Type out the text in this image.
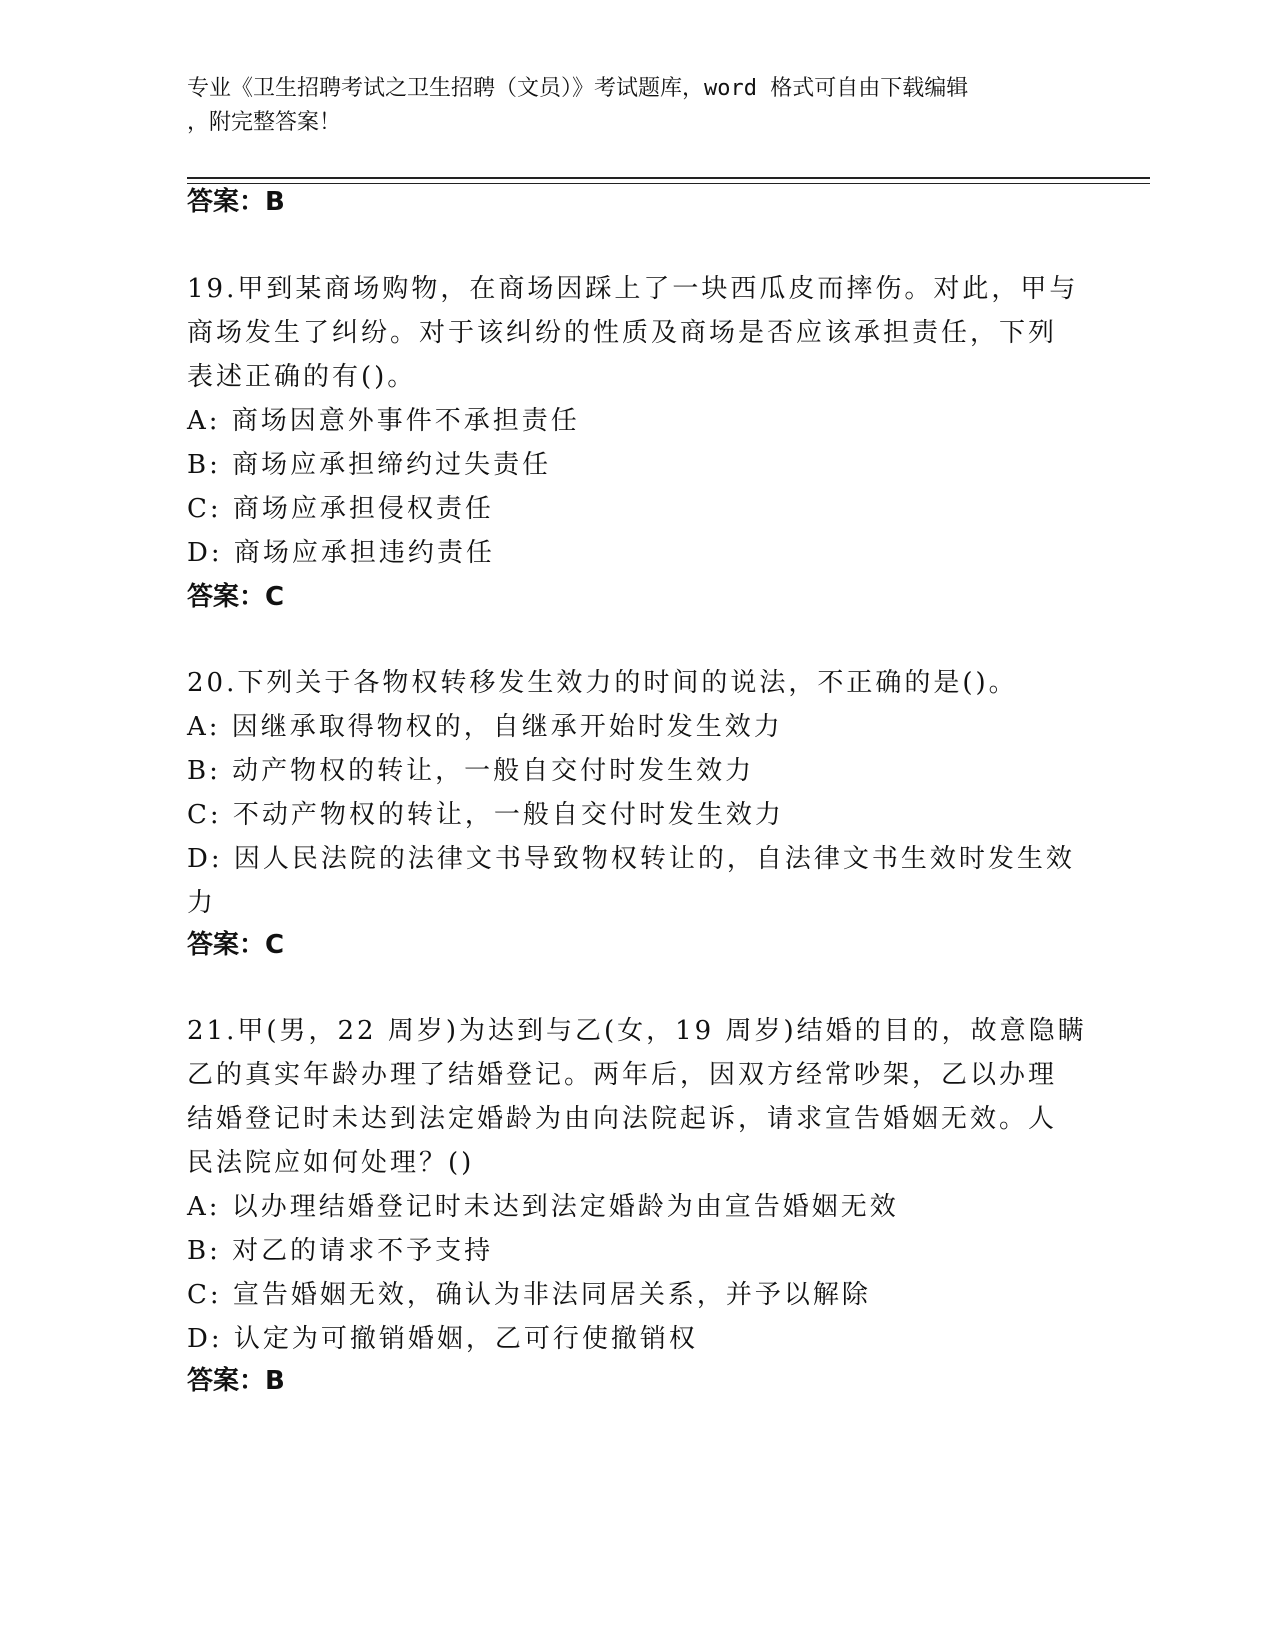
专业《卫生招聘考试之卫生招聘（文员）》考试题库，word 格式可自由下载编辑
，附完整答案！
答案：B
19.甲到某商场购物，在商场因踩上了一块西瓜皮而摔伤。对此，甲与
商场发生了纠纷。对于该纠纷的性质及商场是否应该承担责任，下列
表述正确的有()。
A: 商场因意外事件不承担责任
B: 商场应承担缔约过失责任
C: 商场应承担侵权责任
D: 商场应承担违约责任
答案：C
20.下列关于各物权转移发生效力的时间的说法，不正确的是()。
A: 因继承取得物权的，自继承开始时发生效力
B: 动产物权的转让，一般自交付时发生效力
C: 不动产物权的转让，一般自交付时发生效力
D: 因人民法院的法律文书导致物权转让的，自法律文书生效时发生效
力
答案：C
21.甲(男，22 周岁)为达到与乙(女，19 周岁)结婚的目的，故意隐瞒
乙的真实年龄办理了结婚登记。两年后，因双方经常吵架，乙以办理
结婚登记时未达到法定婚龄为由向法院起诉，请求宣告婚姻无效。人
民法院应如何处理？()
A: 以办理结婚登记时未达到法定婚龄为由宣告婚姻无效
B: 对乙的请求不予支持
C: 宣告婚姻无效，确认为非法同居关系，并予以解除
D: 认定为可撤销婚姻，乙可行使撤销权
答案：B
